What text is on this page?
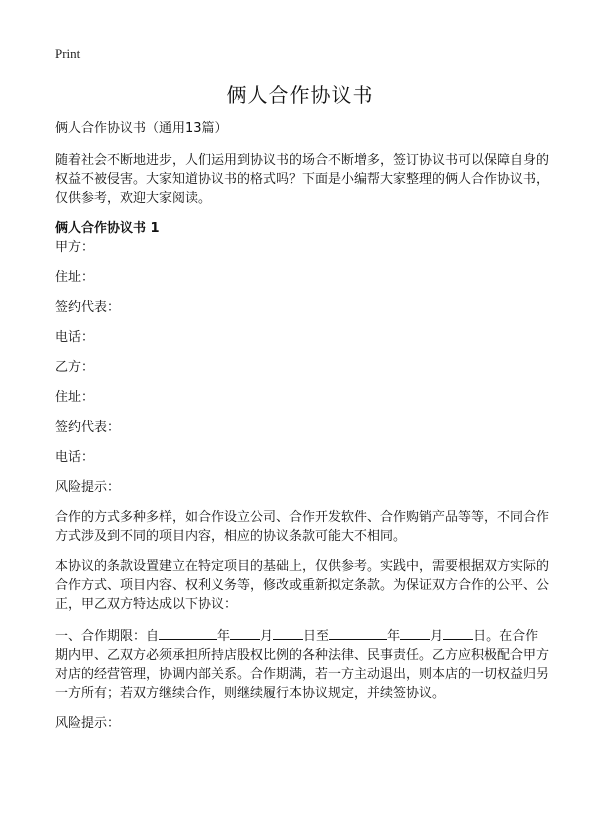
Print
俩人合作协议书

俩人合作协议书（通用13篇）

随着社会不断地进步，人们运用到协议书的场合不断增多，签订协议书可以保障自身的权益不被侵害。大家知道协议书的格式吗？下面是小编帮大家整理的俩人合作协议书，仅供参考，欢迎大家阅读。

俩人合作协议书 1

甲方：

住址：

签约代表：

电话：

乙方：

住址：

签约代表：

电话：

风险提示：

合作的方式多种多样，如合作设立公司、合作开发软件、合作购销产品等等，不同合作方式涉及到不同的项目内容，相应的协议条款可能大不相同。

本协议的条款设置建立在特定项目的基础上，仅供参考。实践中，需要根据双方实际的合作方式、项目内容、权利义务等，修改或重新拟定条款。为保证双方合作的公平、公正，甲乙双方特达成以下协议：

一、合作期限：自	年 月 日至	年 月 日。在合作期内甲、乙双方必须承担所持店股权比例的各种法律、民事责任。乙方应积极配合甲方对店的经营管理，协调内部关系。合作期满，若一方主动退出，则本店的一切权益归另一方所有；若双方继续合作，则继续履行本协议规定，并续签协议。

风险提示：
